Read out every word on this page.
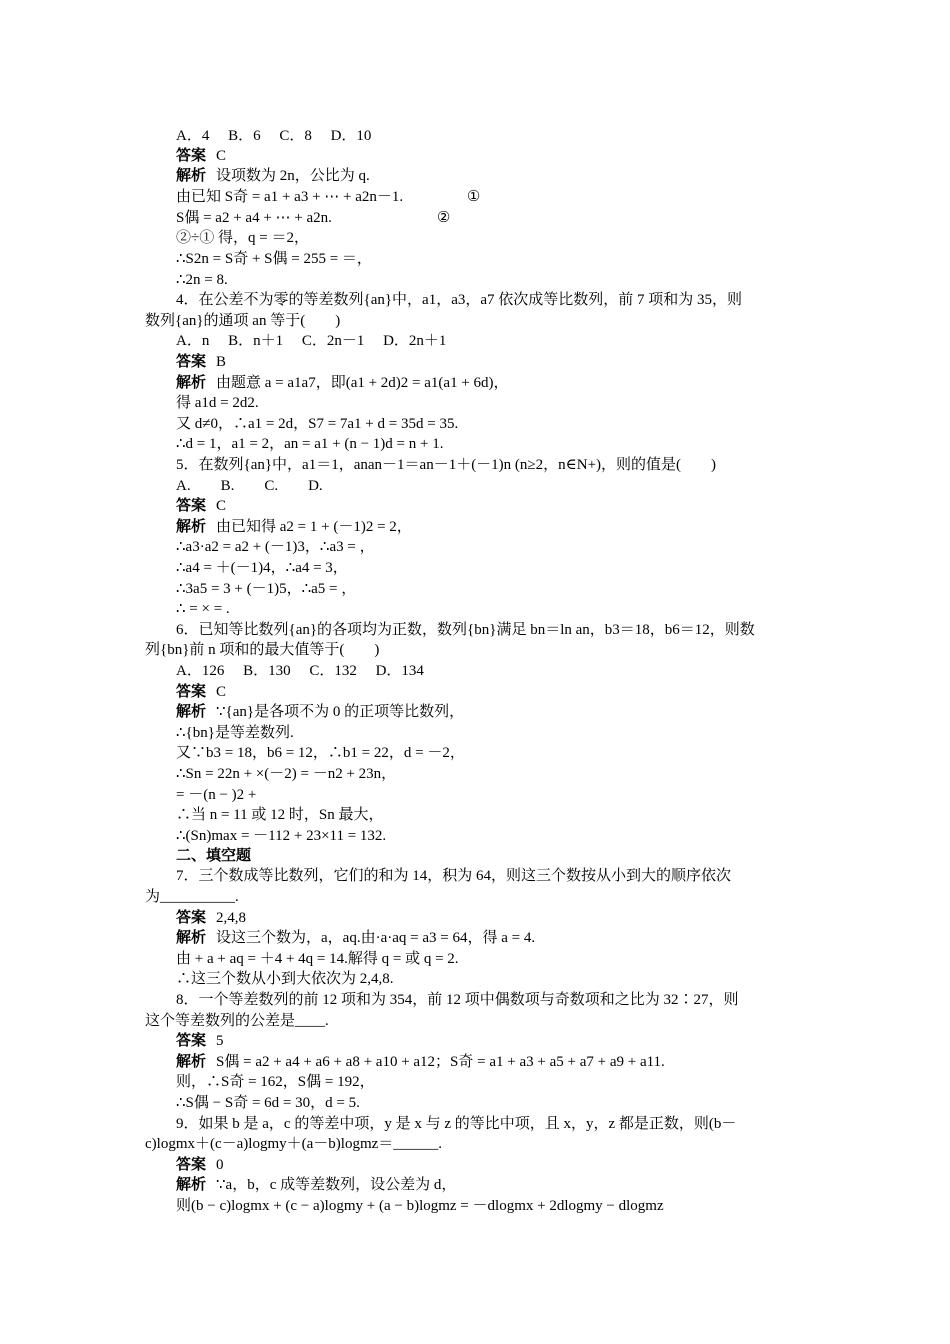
A．4　 B．6　 C．8　 D．10
答案 C
解析 设项数为 2n，公比为 q.
由已知 S奇 = a1 + a3 + ⋯ + a2n－1.　　　　 ①
S偶 = a2 + a4 + ⋯ + a2n.　　　　　　　②
②÷① 得，q = ＝2，
∴S2n = S奇 + S偶 = 255 = ＝，
∴2n = 8.
4．在公差不为零的等差数列{an}中，a1，a3，a7 依次成等比数列，前 7 项和为 35，则
数列{an}的通项 an 等于(　　)
A．n　 B．n＋1　 C．2n－1　 D．2n＋1
答案 B
解析 由题意 a = a1a7，即(a1 + 2d)2 = a1(a1 + 6d)，
得 a1d = 2d2.
又 d≠0，∴a1 = 2d，S7 = 7a1 + d = 35d = 35.
∴d = 1，a1 = 2，an = a1 + (n − 1)d = n + 1.
5．在数列{an}中，a1＝1，anan－1＝an－1＋(－1)n (n≥2，n∈N+)，则的值是(　　)
A.　　B.　　C.　　D.
答案 C
解析 由已知得 a2 = 1 + (－1)2 = 2，
∴a3·a2 = a2 + (－1)3，∴a3 = ，
∴a4 = ＋(－1)4，∴a4 = 3，
∴3a5 = 3 + (－1)5，∴a5 = ，
∴ = × = .
6．已知等比数列{an}的各项均为正数，数列{bn}满足 bn＝ln an，b3＝18，b6＝12，则数
列{bn}前 n 项和的最大值等于(　　)
A．126　 B．130　 C．132　 D．134
答案 C
解析 ∵{an}是各项不为 0 的正项等比数列，
∴{bn}是等差数列.
又∵b3 = 18，b6 = 12，∴b1 = 22，d = －2，
∴Sn = 22n + ×(－2) = －n2 + 23n，
= －(n − )2 +
∴当 n = 11 或 12 时，Sn 最大，
∴(Sn)max = －112 + 23×11 = 132.
二、填空题
7．三个数成等比数列，它们的和为 14，积为 64，则这三个数按从小到大的顺序依次
为__________.
答案 2,4,8
解析 设这三个数为，a，aq.由·a·aq = a3 = 64，得 a = 4.
由 + a + aq = ＋4 + 4q = 14.解得 q = 或 q = 2.
∴这三个数从小到大依次为 2,4,8.
8．一个等差数列的前 12 项和为 354，前 12 项中偶数项与奇数项和之比为 32∶27，则
这个等差数列的公差是____.
答案 5
解析 S偶 = a2 + a4 + a6 + a8 + a10 + a12；S奇 = a1 + a3 + a5 + a7 + a9 + a11.
则，∴S奇 = 162，S偶 = 192，
∴S偶 − S奇 = 6d = 30，d = 5.
9．如果 b 是 a，c 的等差中项，y 是 x 与 z 的等比中项，且 x，y，z 都是正数，则(b－
c)logmx＋(c－a)logmy＋(a－b)logmz＝______.
答案 0
解析 ∵a，b，c 成等差数列，设公差为 d，
则(b − c)logmx + (c − a)logmy + (a − b)logmz = －dlogmx + 2dlogmy − dlogmz
